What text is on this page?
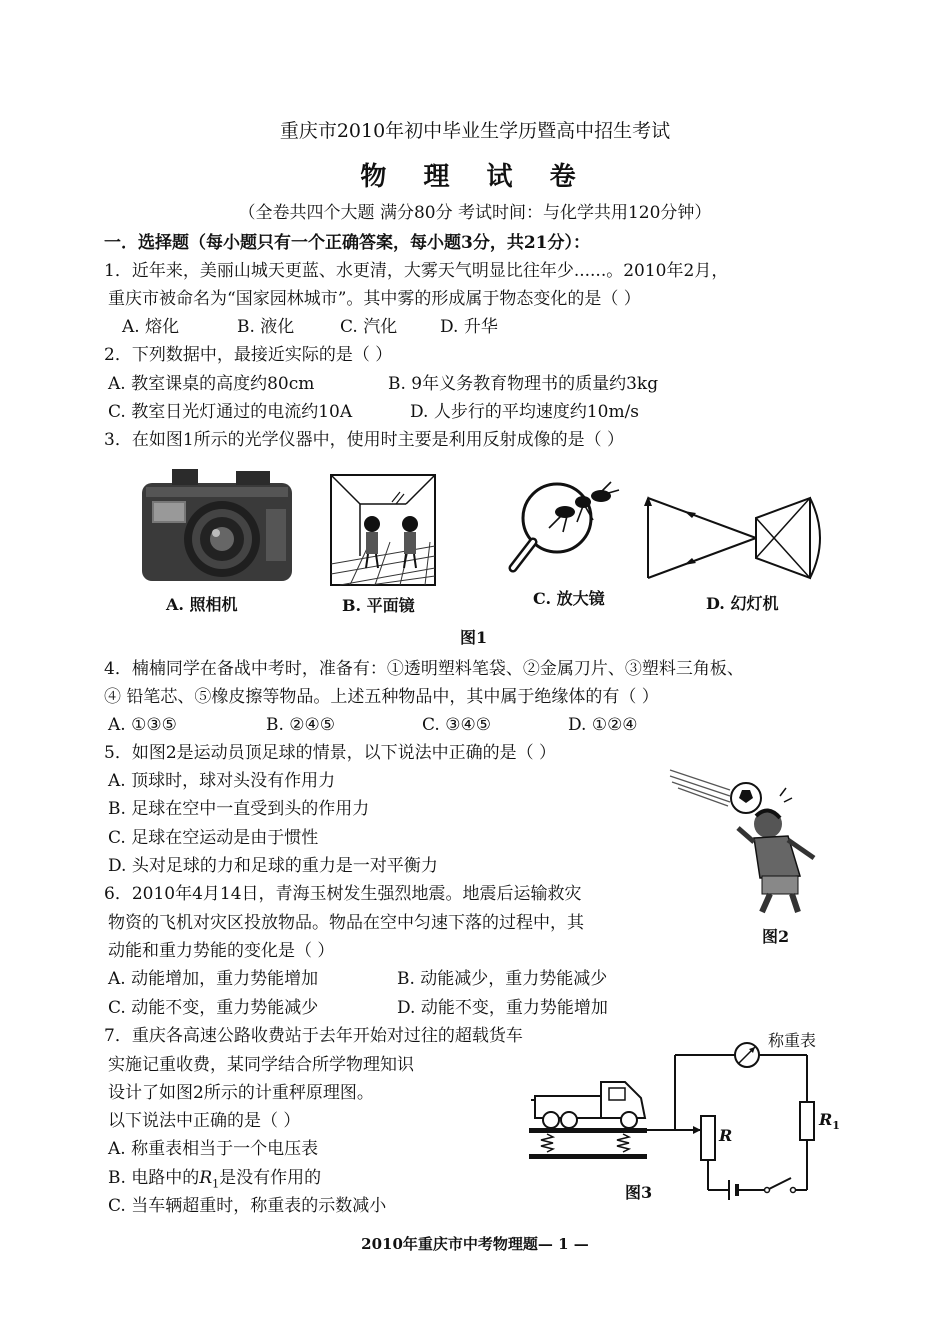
重庆市2010年初中毕业生学历暨高中招生考试
物 理 试 卷
（全卷共四个大题 满分80分 考试时间：与化学共用120分钟）
一．选择题（每小题只有一个正确答案，每小题3分，共21分）：
1．近年来，美丽山城天更蓝、水更清，大雾天气明显比往年少......。2010年2月，
重庆市被命名为“国家园林城市”。其中雾的形成属于物态变化的是（ ）
A. 熔化	B. 液化	C. 汽化	D. 升华
2．下列数据中，最接近实际的是（ ）
A. 教室课桌的高度约80cm	B. 9年义务教育物理书的质量约3kg
C. 教室日光灯通过的电流约10A	D. 人步行的平均速度约10m/s
3．在如图1所示的光学仪器中，使用时主要是利用反射成像的是（ ）
A. 照相机	B. 平面镜	C. 放大镜	D. 幻灯机
图1
4．楠楠同学在备战中考时，准备有：①透明塑料笔袋、②金属刀片、③塑料三角板、
④ 铅笔芯、⑤橡皮擦等物品。上述五种物品中，其中属于绝缘体的有（ ）
A. ①③⑤	B. ②④⑤	C. ③④⑤	D. ①②④
5．如图2是运动员顶足球的情景，以下说法中正确的是（ ）
A. 顶球时，球对头没有作用力
B. 足球在空中一直受到头的作用力
C. 足球在空运动是由于惯性
D. 头对足球的力和足球的重力是一对平衡力
图2
6．2010年4月14日，青海玉树发生强烈地震。地震后运输救灾
物资的飞机对灾区投放物品。物品在空中匀速下落的过程中，其
动能和重力势能的变化是（ ）
A. 动能增加，重力势能增加	B. 动能减少，重力势能减少
C. 动能不变，重力势能减少	D. 动能不变，重力势能增加
7．重庆各高速公路收费站于去年开始对过往的超载货车
实施记重收费，某同学结合所学物理知识
设计了如图2所示的计重秤原理图。
以下说法中正确的是（ ）
A. 称重表相当于一个电压表
B. 电路中的$R_1$是没有作用的
C. 当车辆超重时，称重表的示数减小
称重表
R
$R_1$
图3
2010年重庆市中考物理题— 1 —
